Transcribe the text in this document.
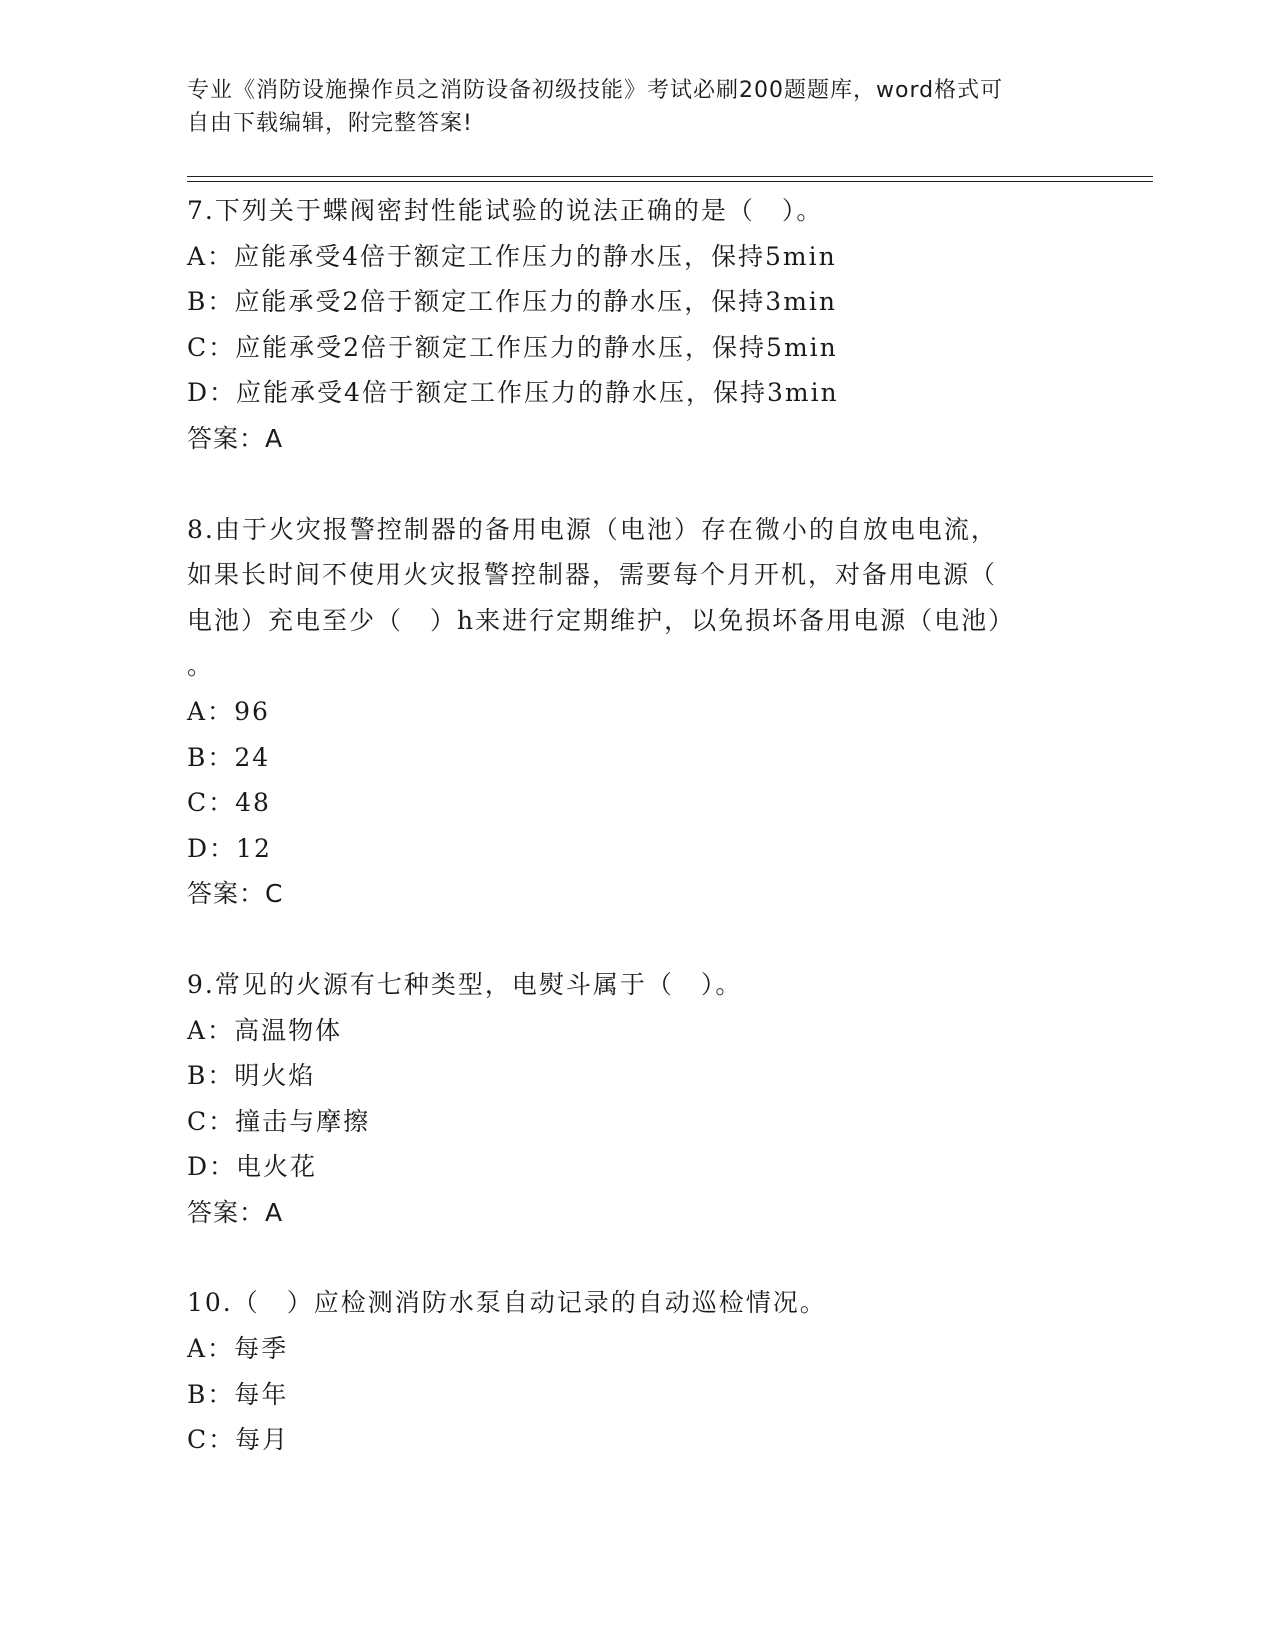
专业《消防设施操作员之消防设备初级技能》考试必刷200题题库，word格式可
自由下载编辑，附完整答案!
7.下列关于蝶阀密封性能试验的说法正确的是（　）。
A：应能承受4倍于额定工作压力的静水压，保持5min
B：应能承受2倍于额定工作压力的静水压，保持3min
C：应能承受2倍于额定工作压力的静水压，保持5min
D：应能承受4倍于额定工作压力的静水压，保持3min
答案：A
8.由于火灾报警控制器的备用电源（电池）存在微小的自放电电流，
如果长时间不使用火灾报警控制器，需要每个月开机，对备用电源（
电池）充电至少（　）h来进行定期维护，以免损坏备用电源（电池）
。
A：96
B：24
C：48
D：12
答案：C
9.常见的火源有七种类型，电熨斗属于（　）。
A：高温物体
B：明火焰
C：撞击与摩擦
D：电火花
答案：A
10.（　）应检测消防水泵自动记录的自动巡检情况。
A：每季
B：每年
C：每月
